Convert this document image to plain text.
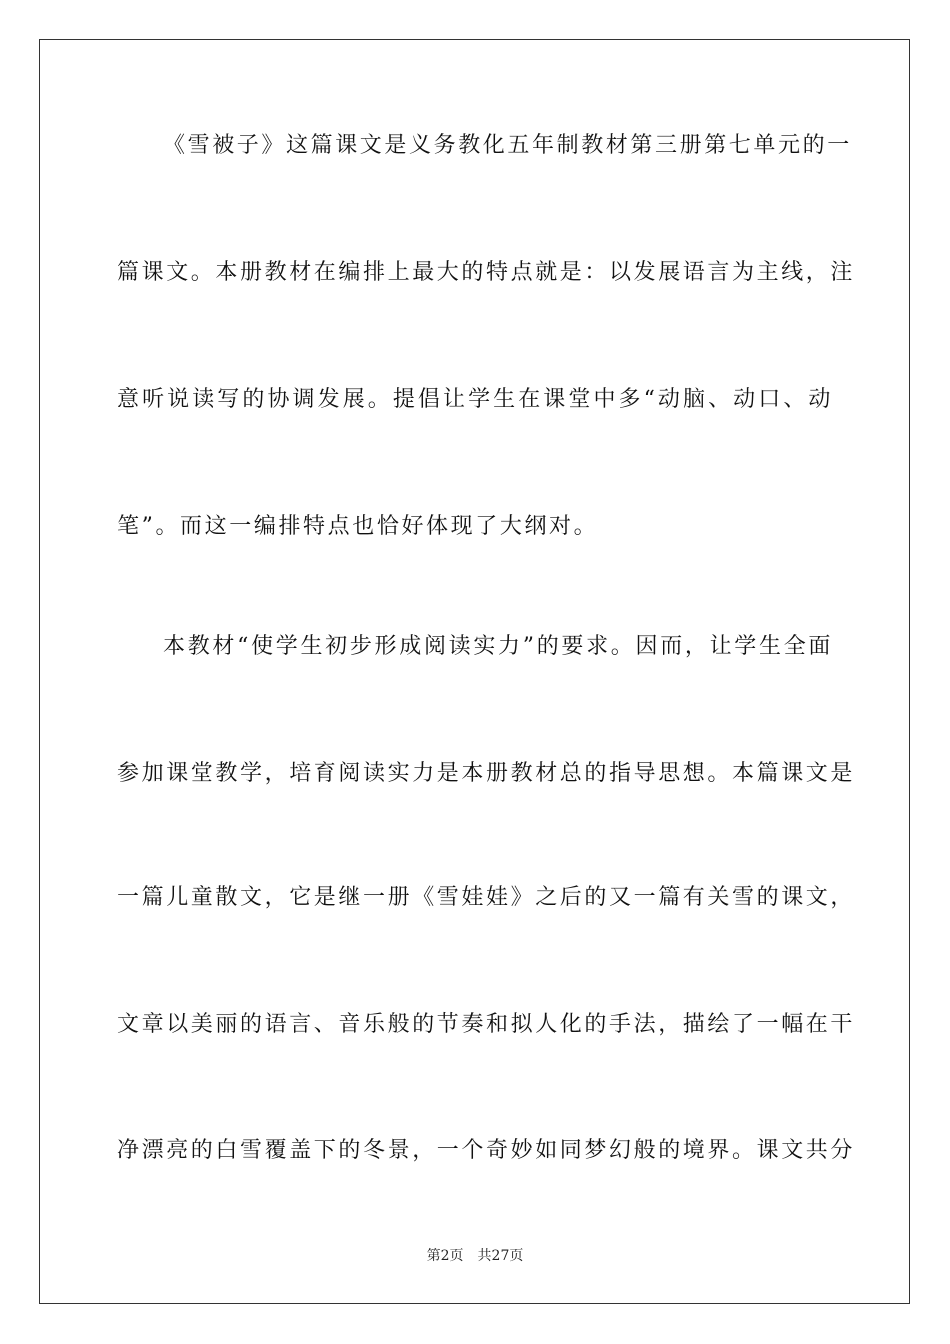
《雪被子》这篇课文是义务教化五年制教材第三册第七单元的一
篇课文。本册教材在编排上最大的特点就是：以发展语言为主线，注
意听说读写的协调发展。提倡让学生在课堂中多“动脑、动口、动
笔”。而这一编排特点也恰好体现了大纲对。
本教材“使学生初步形成阅读实力”的要求。因而，让学生全面
参加课堂教学，培育阅读实力是本册教材总的指导思想。本篇课文是
一篇儿童散文，它是继一册《雪娃娃》之后的又一篇有关雪的课文，
文章以美丽的语言、音乐般的节奏和拟人化的手法，描绘了一幅在干
净漂亮的白雪覆盖下的冬景，一个奇妙如同梦幻般的境界。课文共分
第2页 共27页
